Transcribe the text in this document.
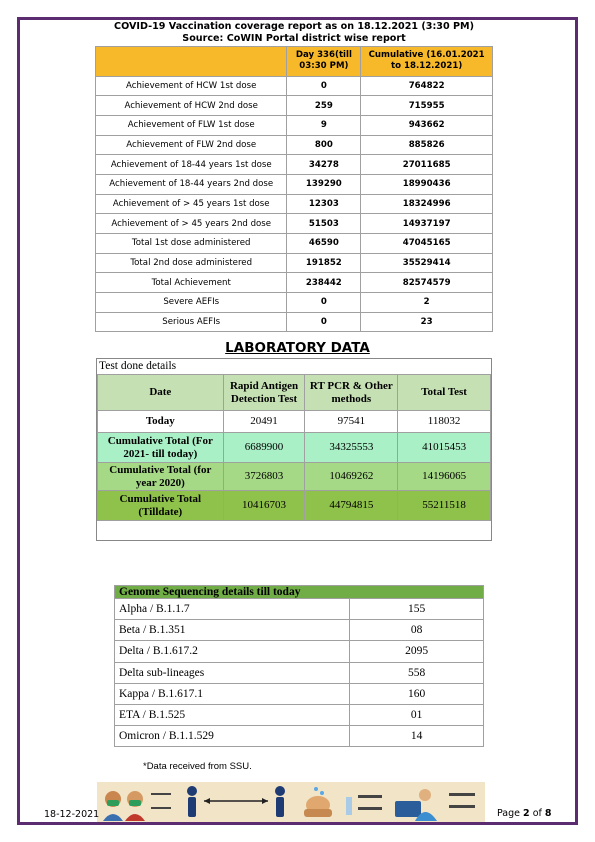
COVID-19 Vaccination coverage report as on 18.12.2021 (3:30 PM)
Source: CoWIN Portal district wise report		

	Day 336(till 03:30 PM)	Cumulative (16.01.2021 to 18.12.2021)
Achievement of HCW 1st dose	0	764822
Achievement of HCW 2nd dose	259	715955
Achievement of FLW 1st dose	9	943662
Achievement of FLW 2nd dose	800	885826
Achievement of 18-44 years 1st dose	34278	27011685
Achievement of 18-44 years 2nd dose	139290	18990436
Achievement of > 45 years 1st dose	12303	18324996
Achievement of > 45 years 2nd dose	51503	14937197
Total 1st dose administered	46590	47045165
Total 2nd dose administered	191852	35529414
Total Achievement	238442	82574579
Severe AEFIs	0	2
Serious AEFIs	0	23
LABORATORY DATA
Test done details
Date	Rapid Antigen Detection Test	RT PCR & Other methods	Total Test
Today	20491	97541	118032
Cumulative Total (For 2021- till today)	6689900	34325553	41015453
Cumulative Total (for year 2020)	3726803	10469262	14196065
Cumulative Total (Tilldate)	10416703	44794815	55211518
Genome Sequencing details till today	
Alpha / B.1.1.7	155
Beta / B.1.351	08
Delta / B.1.617.2	2095
Delta sub-lineages	558
Kappa / B.1.617.1	160
ETA / B.1.525	01
Omicron / B.1.1.529	14
*Data received from SSU.
18-12-2021	Page 2 of 8
